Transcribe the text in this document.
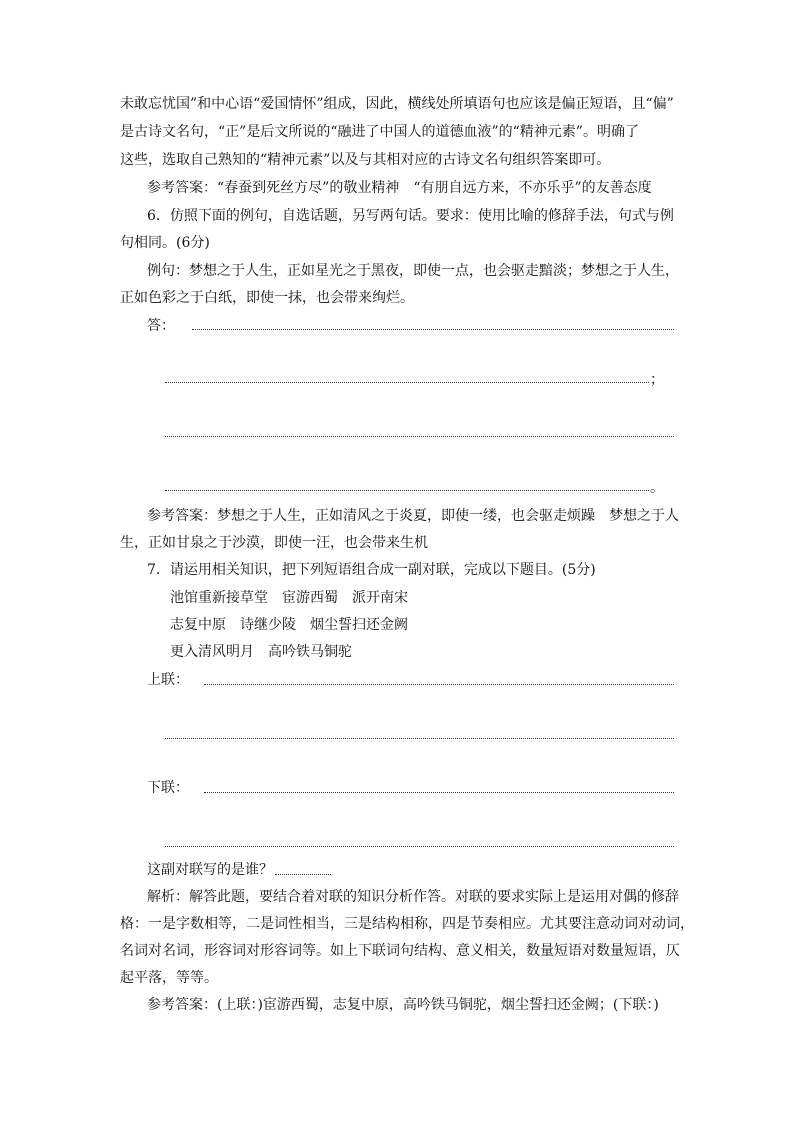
未敢忘忧国”和中心语“爱国情怀”组成，因此，横线处所填语句也应该是偏正短语，且“偏”
是古诗文名句，“正”是后文所说的“融进了中国人的道德血液”的“精神元素”。明确了
这些，选取自己熟知的“精神元素”以及与其相对应的古诗文名句组织答案即可。
参考答案：“春蚕到死丝方尽”的敬业精神　“有朋自远方来，不亦乐乎”的友善态度
6．仿照下面的例句，自选话题，另写两句话。要求：使用比喻的修辞手法，句式与例
句相同。(6分)
例句：梦想之于人生，正如星光之于黑夜，即使一点，也会驱走黯淡；梦想之于人生，
正如色彩之于白纸，即使一抹，也会带来绚烂。
答：
；
。
参考答案：梦想之于人生，正如清风之于炎夏，即使一缕，也会驱走烦躁　梦想之于人
生，正如甘泉之于沙漠，即使一汪，也会带来生机
7．请运用相关知识，把下列短语组合成一副对联，完成以下题目。(5分)
池馆重新接草堂　宦游西蜀　派开南宋
志复中原　诗继少陵　烟尘誓扫还金阙
更入清风明月　高吟铁马铜驼
上联：
下联：
这副对联写的是谁？
解析：解答此题，要结合着对联的知识分析作答。对联的要求实际上是运用对偶的修辞
格：一是字数相等，二是词性相当，三是结构相称，四是节奏相应。尤其要注意动词对动词，
名词对名词，形容词对形容词等。如上下联词句结构、意义相关，数量短语对数量短语，仄
起平落，等等。
参考答案：(上联：)宦游西蜀，志复中原，高吟铁马铜驼，烟尘誓扫还金阙；(下联：)
